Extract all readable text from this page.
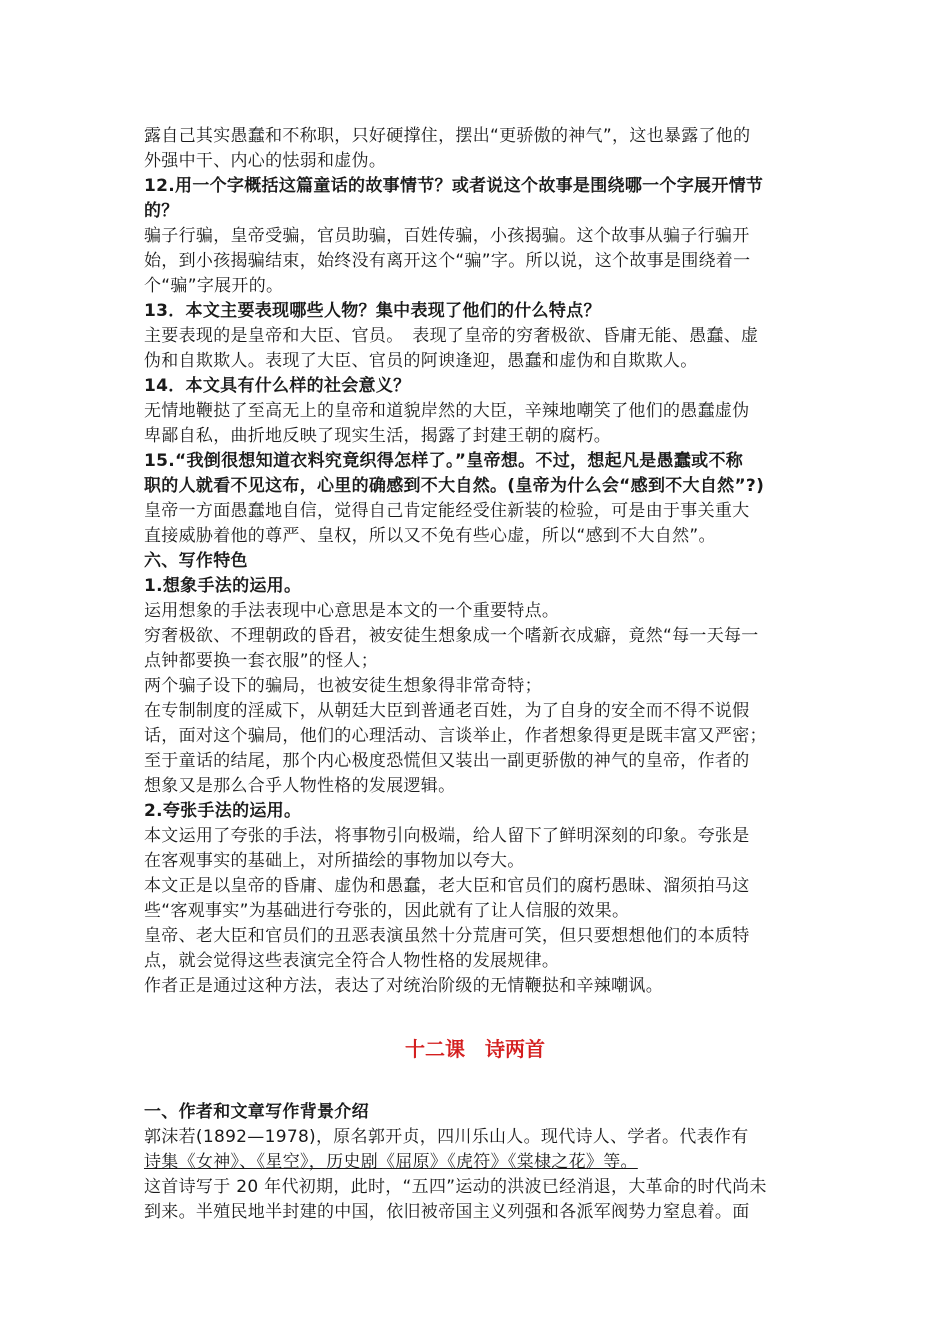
露自己其实愚蠢和不称职，只好硬撑住，摆出“更骄傲的神气”，这也暴露了他的
外强中干、内心的怯弱和虚伪。
12.用一个字概括这篇童话的故事情节？或者说这个故事是围绕哪一个字展开情节
的？
骗子行骗，皇帝受骗，官员助骗，百姓传骗，小孩揭骗。这个故事从骗子行骗开
始，到小孩揭骗结束，始终没有离开这个“骗”字。所以说，这个故事是围绕着一
个“骗”字展开的。
13．本文主要表现哪些人物？集中表现了他们的什么特点？
主要表现的是皇帝和大臣、官员。　表现了皇帝的穷奢极欲、昏庸无能、愚蠢、虚
伪和自欺欺人。表现了大臣、官员的阿谀逢迎，愚蠢和虚伪和自欺欺人。
14．本文具有什么样的社会意义？
无情地鞭挞了至高无上的皇帝和道貌岸然的大臣，辛辣地嘲笑了他们的愚蠢虚伪
卑鄙自私，曲折地反映了现实生活，揭露了封建王朝的腐朽。
15.“我倒很想知道衣料究竟织得怎样了。”皇帝想。不过，想起凡是愚蠢或不称
职的人就看不见这布，心里的确感到不大自然。(皇帝为什么会“感到不大自然”?)
皇帝一方面愚蠢地自信，觉得自己肯定能经受住新装的检验，可是由于事关重大
直接威胁着他的尊严、皇权，所以又不免有些心虚，所以“感到不大自然”。
六、写作特色
1.想象手法的运用。
运用想象的手法表现中心意思是本文的一个重要特点。
穷奢极欲、不理朝政的昏君，被安徒生想象成一个嗜新衣成癖，竟然“每一天每一
点钟都要换一套衣服”的怪人；
两个骗子设下的骗局，也被安徒生想象得非常奇特；
在专制制度的淫威下，从朝廷大臣到普通老百姓，为了自身的安全而不得不说假
话，面对这个骗局，他们的心理活动、言谈举止，作者想象得更是既丰富又严密；
至于童话的结尾，那个内心极度恐慌但又装出一副更骄傲的神气的皇帝，作者的
想象又是那么合乎人物性格的发展逻辑。
2.夸张手法的运用。
本文运用了夸张的手法，将事物引向极端，给人留下了鲜明深刻的印象。夸张是
在客观事实的基础上，对所描绘的事物加以夸大。
本文正是以皇帝的昏庸、虚伪和愚蠢，老大臣和官员们的腐朽愚昧、溜须拍马这
些“客观事实”为基础进行夸张的，因此就有了让人信服的效果。
皇帝、老大臣和官员们的丑恶表演虽然十分荒唐可笑，但只要想想他们的本质特
点，就会觉得这些表演完全符合人物性格的发展规律。
作者正是通过这种方法，表达了对统治阶级的无情鞭挞和辛辣嘲讽。
十二课　诗两首
一、作者和文章写作背景介绍
郭沫若(1892—1978)，原名郭开贞，四川乐山人。现代诗人、学者。代表作有
诗集《女神》、《星空》，历史剧《屈原》《虎符》《棠棣之花》等。
这首诗写于 20 年代初期，此时，“五四”运动的洪波已经消退，大革命的时代尚未
到来。半殖民地半封建的中国，依旧被帝国主义列强和各派军阀势力窒息着。面
